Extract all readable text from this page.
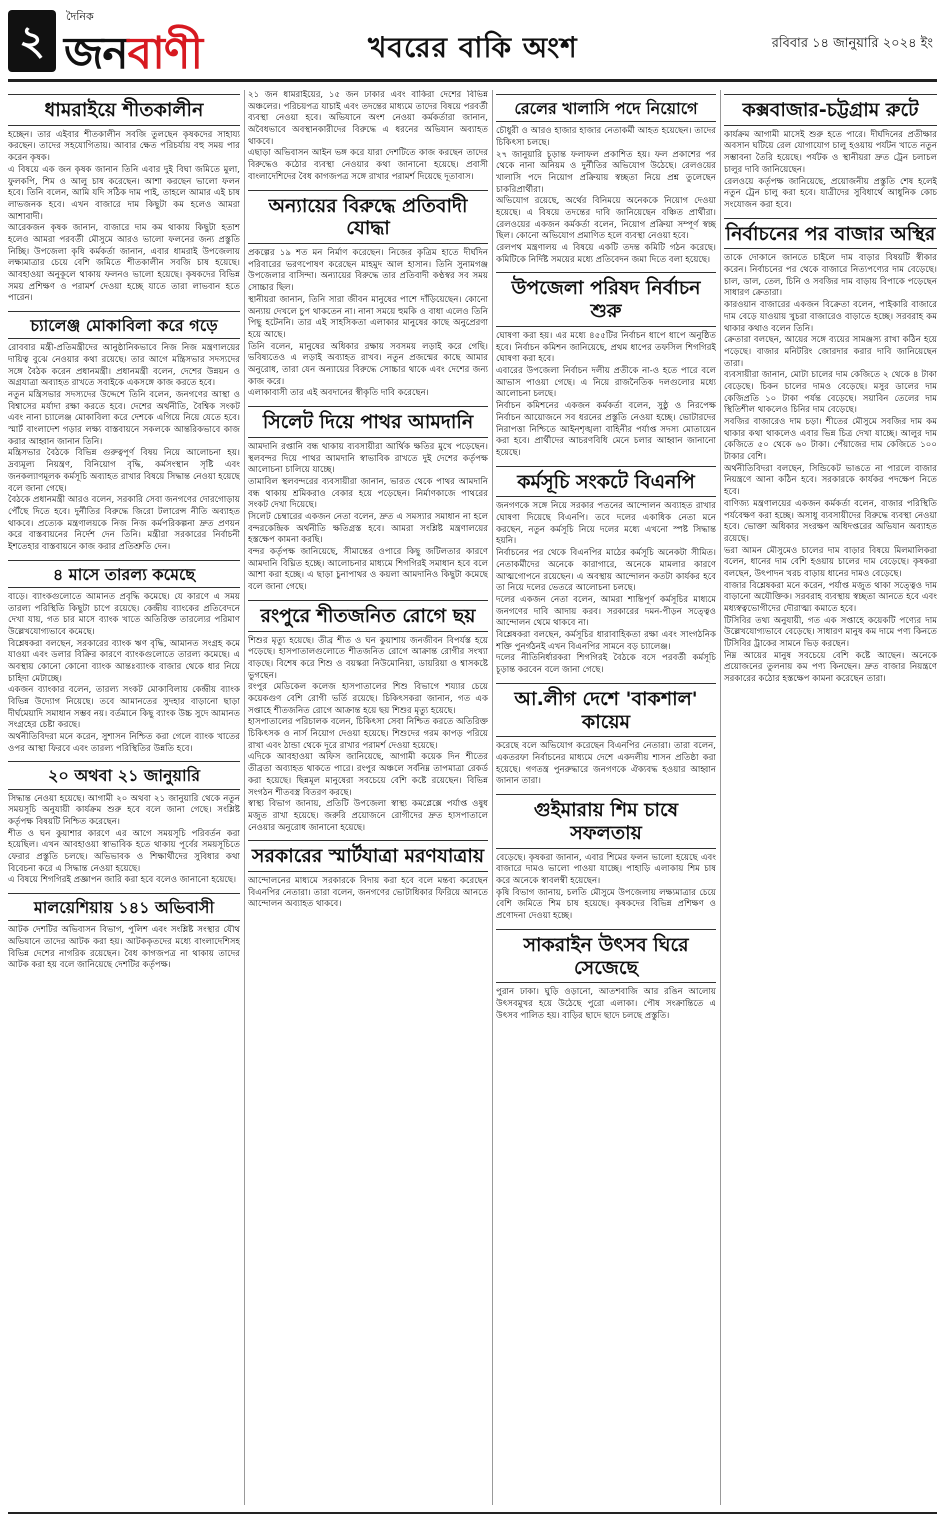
২
দৈনিক
জনবাণী	খবরের বাকি অংশ	রবিবার ১৪ জানুয়ারি ২০২৪ ইং
ধামরাইয়ে শীতকালীন
হচ্ছেন। তার এইবার শীতকালীন সবজি তুলছেন কৃষকদের সাহায্য করছেন। তাদের সহযোগিতায়। আবার ক্ষেত পরিচর্যায় বহু সময় পার করেন কৃষক।
এ বিষয়ে এক জন কৃষক জানান তিনি এবার দুই বিঘা জমিতে মুলা, ফুলকপি, শিম ও আলু চাষ করেছেন। আশা করছেন ভালো ফলন হবে। তিনি বলেন, আমি যদি সঠিক দাম পাই, তাহলে আমার এই চাষ লাভজনক হবে। এখন বাজারে দাম কিছুটা কম হলেও আমরা আশাবাদী।
আরেকজন কৃষক জানান, বাজারে দাম কম থাকায় কিছুটা হতাশ হলেও আমরা পরবর্তী মৌসুমে আরও ভালো ফলনের জন্য প্রস্তুতি নিচ্ছি। উপজেলা কৃষি কর্মকর্তা জানান, এবার ধামরাই উপজেলায় লক্ষ্যমাত্রার চেয়ে বেশি জমিতে শীতকালীন সবজি চাষ হয়েছে। আবহাওয়া অনুকূলে থাকায় ফলনও ভালো হয়েছে। কৃষকদের বিভিন্ন সময় প্রশিক্ষণ ও পরামর্শ দেওয়া হচ্ছে যাতে তারা লাভবান হতে পারেন।
চ্যালেঞ্জ মোকাবিলা করে গড়ে
রোববার মন্ত্রী-প্রতিমন্ত্রীদের আনুষ্ঠানিকভাবে নিজ নিজ মন্ত্রণালয়ের দায়িত্ব বুঝে নেওয়ার কথা রয়েছে। তার আগে মন্ত্রিসভার সদস্যদের সঙ্গে বৈঠক করেন প্রধানমন্ত্রী। প্রধানমন্ত্রী বলেন, দেশের উন্নয়ন ও অগ্রযাত্রা অব্যাহত রাখতে সবাইকে একসঙ্গে কাজ করতে হবে।
নতুন মন্ত্রিসভার সদস্যদের উদ্দেশে তিনি বলেন, জনগণের আস্থা ও বিশ্বাসের মর্যাদা রক্ষা করতে হবে। দেশের অর্থনীতি, বৈশ্বিক সংকট এবং নানা চ্যালেঞ্জ মোকাবিলা করে দেশকে এগিয়ে নিয়ে যেতে হবে। স্মার্ট বাংলাদেশ গড়ার লক্ষ্য বাস্তবায়নে সকলকে আন্তরিকভাবে কাজ করার আহ্বান জানান তিনি।
মন্ত্রিসভার বৈঠকে বিভিন্ন গুরুত্বপূর্ণ বিষয় নিয়ে আলোচনা হয়। দ্রব্যমূল্য নিয়ন্ত্রণ, বিনিয়োগ বৃদ্ধি, কর্মসংস্থান সৃষ্টি এবং জনকল্যাণমূলক কর্মসূচি অব্যাহত রাখার বিষয়ে সিদ্ধান্ত নেওয়া হয়েছে বলে জানা গেছে।
বৈঠকে প্রধানমন্ত্রী আরও বলেন, সরকারি সেবা জনগণের দোরগোড়ায় পৌঁছে দিতে হবে। দুর্নীতির বিরুদ্ধে জিরো টলারেন্স নীতি অব্যাহত থাকবে। প্রত্যেক মন্ত্রণালয়কে নিজ নিজ কর্মপরিকল্পনা দ্রুত প্রণয়ন করে বাস্তবায়নের নির্দেশ দেন তিনি। মন্ত্রীরা সরকারের নির্বাচনী ইশতেহার বাস্তবায়নে কাজ করার প্রতিশ্রুতি দেন।
৪ মাসে তারল্য কমেছে
বাড়ে। ব্যাংকগুলোতে আমানত প্রবৃদ্ধি কমেছে। যে কারণে এ সময় তারল্য পরিস্থিতি কিছুটা চাপে রয়েছে। কেন্দ্রীয় ব্যাংকের প্রতিবেদনে দেখা যায়, গত চার মাসে ব্যাংক খাতে অতিরিক্ত তারল্যের পরিমাণ উল্লেখযোগ্যভাবে কমেছে।
বিশ্লেষকরা বলছেন, সরকারের ব্যাংক ঋণ বৃদ্ধি, আমানত সংগ্রহ কমে যাওয়া এবং ডলার বিক্রির কারণে ব্যাংকগুলোতে তারল্য কমেছে। এ অবস্থায় কোনো কোনো ব্যাংক আন্তঃব্যাংক বাজার থেকে ধার নিয়ে চাহিদা মেটাচ্ছে।
একজন ব্যাংকার বলেন, তারল্য সংকট মোকাবিলায় কেন্দ্রীয় ব্যাংক বিভিন্ন উদ্যোগ নিয়েছে। তবে আমানতের সুদহার বাড়ানো ছাড়া দীর্ঘমেয়াদি সমাধান সম্ভব নয়। বর্তমানে কিছু ব্যাংক উচ্চ সুদে আমানত সংগ্রহের চেষ্টা করছে।
অর্থনীতিবিদরা মনে করেন, সুশাসন নিশ্চিত করা গেলে ব্যাংক খাতের ওপর আস্থা ফিরবে এবং তারল্য পরিস্থিতির উন্নতি হবে।
২০ অথবা ২১ জানুয়ারি
সিদ্ধান্ত নেওয়া হয়েছে। আগামী ২০ অথবা ২১ জানুয়ারি থেকে নতুন সময়সূচি অনুযায়ী কার্যক্রম শুরু হবে বলে জানা গেছে। সংশ্লিষ্ট কর্তৃপক্ষ বিষয়টি নিশ্চিত করেছেন।
শীত ও ঘন কুয়াশার কারণে এর আগে সময়সূচি পরিবর্তন করা হয়েছিল। এখন আবহাওয়া স্বাভাবিক হতে থাকায় পূর্বের সময়সূচিতে ফেরার প্রস্তুতি চলছে। অভিভাবক ও শিক্ষার্থীদের সুবিধার কথা বিবেচনা করে এ সিদ্ধান্ত নেওয়া হয়েছে।
এ বিষয়ে শিগগিরই প্রজ্ঞাপন জারি করা হবে বলেও জানানো হয়েছে।
মালয়েশিয়ায় ১৪১ অভিবাসী
আটক দেশটির অভিবাসন বিভাগ, পুলিশ এবং সংশ্লিষ্ট সংস্থার যৌথ অভিযানে তাদের আটক করা হয়। আটককৃতদের মধ্যে বাংলাদেশিসহ বিভিন্ন দেশের নাগরিক রয়েছেন। বৈধ কাগজপত্র না থাকায় তাদের আটক করা হয় বলে জানিয়েছে দেশটির কর্তৃপক্ষ।
২১ জন ধামরাইয়ের, ১৫ জন ঢাকার এবং বাকিরা দেশের বিভিন্ন অঞ্চলের। পরিচয়পত্র যাচাই এবং তদন্তের মাধ্যমে তাদের বিষয়ে পরবর্তী ব্যবস্থা নেওয়া হবে। অভিযানে অংশ নেওয়া কর্মকর্তারা জানান, অবৈধভাবে অবস্থানকারীদের বিরুদ্ধে এ ধরনের অভিযান অব্যাহত থাকবে।
এছাড়া অভিবাসন আইন ভঙ্গ করে যারা দেশটিতে কাজ করছেন তাদের বিরুদ্ধেও কঠোর ব্যবস্থা নেওয়ার কথা জানানো হয়েছে। প্রবাসী বাংলাদেশিদের বৈধ কাগজপত্র সঙ্গে রাখার পরামর্শ দিয়েছে দূতাবাস।
অন্যায়ের বিরুদ্ধে প্রতিবাদী যোদ্ধা
প্রকল্পের ১৯ শত মন নির্মাণ করেছেন। নিজের কৃত্রিম হাতে দীর্ঘদিন পরিবারের ভরণপোষণ করেছেন মাহমুদ আল হাসান। তিনি সুনামগঞ্জ উপজেলার বাসিন্দা। অন্যায়ের বিরুদ্ধে তার প্রতিবাদী কণ্ঠস্বর সব সময় সোচ্চার ছিল।
স্থানীয়রা জানান, তিনি সারা জীবন মানুষের পাশে দাঁড়িয়েছেন। কোনো অন্যায় দেখলে চুপ থাকতেন না। নানা সময়ে হুমকি ও বাধা এলেও তিনি পিছু হটেননি। তার এই সাহসিকতা এলাকার মানুষের কাছে অনুপ্রেরণা হয়ে আছে।
তিনি বলেন, মানুষের অধিকার রক্ষায় সবসময় লড়াই করে গেছি। ভবিষ্যতেও এ লড়াই অব্যাহত রাখব। নতুন প্রজন্মের কাছে আমার অনুরোধ, তারা যেন অন্যায়ের বিরুদ্ধে সোচ্চার থাকে এবং দেশের জন্য কাজ করে।
এলাকাবাসী তার এই অবদানের স্বীকৃতি দাবি করেছেন।
সিলেট দিয়ে পাথর আমদানি
আমদানি রপ্তানি বন্ধ থাকায় ব্যবসায়ীরা আর্থিক ক্ষতির মুখে পড়েছেন। স্থলবন্দর দিয়ে পাথর আমদানি স্বাভাবিক রাখতে দুই দেশের কর্তৃপক্ষ আলোচনা চালিয়ে যাচ্ছে।
তামাবিল স্থলবন্দরের ব্যবসায়ীরা জানান, ভারত থেকে পাথর আমদানি বন্ধ থাকায় শ্রমিকরাও বেকার হয়ে পড়েছেন। নির্মাণকাজে পাথরের সংকট দেখা দিয়েছে।
সিলেট চেম্বারের একজন নেতা বলেন, দ্রুত এ সমস্যার সমাধান না হলে বন্দরকেন্দ্রিক অর্থনীতি ক্ষতিগ্রস্ত হবে। আমরা সংশ্লিষ্ট মন্ত্রণালয়ের হস্তক্ষেপ কামনা করছি।
বন্দর কর্তৃপক্ষ জানিয়েছে, সীমান্তের ওপারে কিছু জটিলতার কারণে আমদানি বিঘ্নিত হচ্ছে। আলোচনার মাধ্যমে শিগগিরই সমাধান হবে বলে আশা করা হচ্ছে। এ ছাড়া চুনাপাথর ও কয়লা আমদানিও কিছুটা কমেছে বলে জানা গেছে।
রংপুরে শীতজনিত রোগে ছয়
শিশুর মৃত্যু হয়েছে। তীব্র শীত ও ঘন কুয়াশায় জনজীবন বিপর্যস্ত হয়ে পড়েছে। হাসপাতালগুলোতে শীতজনিত রোগে আক্রান্ত রোগীর সংখ্যা বাড়ছে। বিশেষ করে শিশু ও বয়স্করা নিউমোনিয়া, ডায়রিয়া ও শ্বাসকষ্টে ভুগছেন।
রংপুর মেডিকেল কলেজ হাসপাতালের শিশু বিভাগে শয্যার চেয়ে কয়েকগুণ বেশি রোগী ভর্তি রয়েছে। চিকিৎসকরা জানান, গত এক সপ্তাহে শীতজনিত রোগে আক্রান্ত হয়ে ছয় শিশুর মৃত্যু হয়েছে।
হাসপাতালের পরিচালক বলেন, চিকিৎসা সেবা নিশ্চিত করতে অতিরিক্ত চিকিৎসক ও নার্স নিয়োগ দেওয়া হয়েছে। শিশুদের গরম কাপড় পরিয়ে রাখা এবং ঠান্ডা থেকে দূরে রাখার পরামর্শ দেওয়া হয়েছে।
এদিকে আবহাওয়া অফিস জানিয়েছে, আগামী কয়েক দিন শীতের তীব্রতা অব্যাহত থাকতে পারে। রংপুর অঞ্চলে সর্বনিম্ন তাপমাত্রা রেকর্ড করা হয়েছে। ছিন্নমূল মানুষেরা সবচেয়ে বেশি কষ্টে রয়েছেন। বিভিন্ন সংগঠন শীতবস্ত্র বিতরণ করছে।
স্বাস্থ্য বিভাগ জানায়, প্রতিটি উপজেলা স্বাস্থ্য কমপ্লেক্সে পর্যাপ্ত ওষুধ মজুত রাখা হয়েছে। জরুরি প্রয়োজনে রোগীদের দ্রুত হাসপাতালে নেওয়ার অনুরোধ জানানো হয়েছে।
সরকারের স্মার্টযাত্রা মরণযাত্রায়
আন্দোলনের মাধ্যমে সরকারকে বিদায় করা হবে বলে মন্তব্য করেছেন বিএনপির নেতারা। তারা বলেন, জনগণের ভোটাধিকার ফিরিয়ে আনতে আন্দোলন অব্যাহত থাকবে।
রেলের খালাসি পদে নিয়োগে
চৌধুরী ও আরও হাজার হাজার নেতাকর্মী আহত হয়েছেন। তাদের চিকিৎসা চলছে।
২৭ জানুয়ারি চূড়ান্ত ফলাফল প্রকাশিত হয়। ফল প্রকাশের পর থেকে নানা অনিয়ম ও দুর্নীতির অভিযোগ উঠেছে। রেলওয়ের খালাসি পদে নিয়োগ প্রক্রিয়ায় স্বচ্ছতা নিয়ে প্রশ্ন তুলেছেন চাকরিপ্রার্থীরা।
অভিযোগ রয়েছে, অর্থের বিনিময়ে অনেককে নিয়োগ দেওয়া হয়েছে। এ বিষয়ে তদন্তের দাবি জানিয়েছেন বঞ্চিত প্রার্থীরা। রেলওয়ের একজন কর্মকর্তা বলেন, নিয়োগ প্রক্রিয়া সম্পূর্ণ স্বচ্ছ ছিল। কোনো অভিযোগ প্রমাণিত হলে ব্যবস্থা নেওয়া হবে।
রেলপথ মন্ত্রণালয় এ বিষয়ে একটি তদন্ত কমিটি গঠন করেছে। কমিটিকে নির্দিষ্ট সময়ের মধ্যে প্রতিবেদন জমা দিতে বলা হয়েছে।
উপজেলা পরিষদ নির্বাচন শুরু
ঘোষণা করা হয়। এর মধ্যে ৪৫৫টির নির্বাচন ধাপে ধাপে অনুষ্ঠিত হবে। নির্বাচন কমিশন জানিয়েছে, প্রথম ধাপের তফসিল শিগগিরই ঘোষণা করা হবে।
এবারের উপজেলা নির্বাচন দলীয় প্রতীকে না-ও হতে পারে বলে আভাস পাওয়া গেছে। এ নিয়ে রাজনৈতিক দলগুলোর মধ্যে আলোচনা চলছে।
নির্বাচন কমিশনের একজন কর্মকর্তা বলেন, সুষ্ঠু ও নিরপেক্ষ নির্বাচন আয়োজনে সব ধরনের প্রস্তুতি নেওয়া হচ্ছে। ভোটারদের নিরাপত্তা নিশ্চিতে আইনশৃঙ্খলা বাহিনীর পর্যাপ্ত সদস্য মোতায়েন করা হবে। প্রার্থীদের আচরণবিধি মেনে চলার আহ্বান জানানো হয়েছে।
কর্মসূচি সংকটে বিএনপি
জনগণকে সঙ্গে নিয়ে সরকার পতনের আন্দোলন অব্যাহত রাখার ঘোষণা দিয়েছে বিএনপি। তবে দলের একাধিক নেতা মনে করছেন, নতুন কর্মসূচি নিয়ে দলের মধ্যে এখনো স্পষ্ট সিদ্ধান্ত হয়নি।
নির্বাচনের পর থেকে বিএনপির মাঠের কর্মসূচি অনেকটা সীমিত। নেতাকর্মীদের অনেকে কারাগারে, অনেকে মামলার কারণে আত্মগোপনে রয়েছেন। এ অবস্থায় আন্দোলন কতটা কার্যকর হবে তা নিয়ে দলের ভেতরে আলোচনা চলছে।
দলের একজন নেতা বলেন, আমরা শান্তিপূর্ণ কর্মসূচির মাধ্যমে জনগণের দাবি আদায় করব। সরকারের দমন-পীড়ন সত্ত্বেও আন্দোলন থেমে থাকবে না।
বিশ্লেষকরা বলছেন, কর্মসূচির ধারাবাহিকতা রক্ষা এবং সাংগঠনিক শক্তি পুনর্গঠনই এখন বিএনপির সামনে বড় চ্যালেঞ্জ।
দলের নীতিনির্ধারকরা শিগগিরই বৈঠকে বসে পরবর্তী কর্মসূচি চূড়ান্ত করবেন বলে জানা গেছে।
আ.লীগ দেশে 'বাকশাল' কায়েম
করেছে বলে অভিযোগ করেছেন বিএনপির নেতারা। তারা বলেন, একতরফা নির্বাচনের মাধ্যমে দেশে একদলীয় শাসন প্রতিষ্ঠা করা হয়েছে। গণতন্ত্র পুনরুদ্ধারে জনগণকে ঐক্যবদ্ধ হওয়ার আহ্বান জানান তারা।
গুইমারায় শিম চাষে সফলতায়
বেড়েছে। কৃষকরা জানান, এবার শিমের ফলন ভালো হয়েছে এবং বাজারে দামও ভালো পাওয়া যাচ্ছে। পাহাড়ি এলাকায় শিম চাষ করে অনেকে স্বাবলম্বী হয়েছেন।
কৃষি বিভাগ জানায়, চলতি মৌসুমে উপজেলায় লক্ষ্যমাত্রার চেয়ে বেশি জমিতে শিম চাষ হয়েছে। কৃষকদের বিভিন্ন প্রশিক্ষণ ও প্রণোদনা দেওয়া হচ্ছে।
সাকরাইন উৎসব ঘিরে সেজেছে
পুরান ঢাকা। ঘুড়ি ওড়ানো, আতশবাজি আর রঙিন আলোয় উৎসবমুখর হয়ে উঠেছে পুরো এলাকা। পৌষ সংক্রান্তিতে এ উৎসব পালিত হয়। বাড়ির ছাদে ছাদে চলছে প্রস্তুতি।
কক্সবাজার-চট্টগ্রাম রুটে
কার্যক্রম আগামী মাসেই শুরু হতে পারে। দীর্ঘদিনের প্রতীক্ষার অবসান ঘটিয়ে রেল যোগাযোগ চালু হওয়ায় পর্যটন খাতে নতুন সম্ভাবনা তৈরি হয়েছে। পর্যটক ও স্থানীয়রা দ্রুত ট্রেন চলাচল চালুর দাবি জানিয়েছেন।
রেলওয়ে কর্তৃপক্ষ জানিয়েছে, প্রয়োজনীয় প্রস্তুতি শেষ হলেই নতুন ট্রেন চালু করা হবে। যাত্রীদের সুবিধার্থে আধুনিক কোচ সংযোজন করা হবে।
নির্বাচনের পর বাজার অস্থির
তাকে দোকানে জানতে চাইলে দাম বাড়ার বিষয়টি স্বীকার করেন। নির্বাচনের পর থেকে বাজারে নিত্যপণ্যের দাম বেড়েছে। চাল, ডাল, তেল, চিনি ও সবজির দাম বাড়ায় বিপাকে পড়েছেন সাধারণ ক্রেতারা।
কারওয়ান বাজারের একজন বিক্রেতা বলেন, পাইকারি বাজারে দাম বেড়ে যাওয়ায় খুচরা বাজারেও বাড়াতে হচ্ছে। সরবরাহ কম থাকার কথাও বলেন তিনি।
ক্রেতারা বলছেন, আয়ের সঙ্গে ব্যয়ের সামঞ্জস্য রাখা কঠিন হয়ে পড়েছে। বাজার মনিটরিং জোরদার করার দাবি জানিয়েছেন তারা।
ব্যবসায়ীরা জানান, মোটা চালের দাম কেজিতে ২ থেকে ৪ টাকা বেড়েছে। চিকন চালের দামও বেড়েছে। মসুর ডালের দাম কেজিপ্রতি ১০ টাকা পর্যন্ত বেড়েছে। সয়াবিন তেলের দাম স্থিতিশীল থাকলেও চিনির দাম বেড়েছে।
সবজির বাজারেও দাম চড়া। শীতের মৌসুমে সবজির দাম কম থাকার কথা থাকলেও এবার ভিন্ন চিত্র দেখা যাচ্ছে। আলুর দাম কেজিতে ৫০ থেকে ৬০ টাকা। পেঁয়াজের দাম কেজিতে ১০০ টাকার বেশি।
অর্থনীতিবিদরা বলছেন, সিন্ডিকেট ভাঙতে না পারলে বাজার নিয়ন্ত্রণে আনা কঠিন হবে। সরকারকে কার্যকর পদক্ষেপ নিতে হবে।
বাণিজ্য মন্ত্রণালয়ের একজন কর্মকর্তা বলেন, বাজার পরিস্থিতি পর্যবেক্ষণ করা হচ্ছে। অসাধু ব্যবসায়ীদের বিরুদ্ধে ব্যবস্থা নেওয়া হবে। ভোক্তা অধিকার সংরক্ষণ অধিদপ্তরের অভিযান অব্যাহত রয়েছে।
ভরা আমন মৌসুমেও চালের দাম বাড়ার বিষয়ে মিলমালিকরা বলেন, ধানের দাম বেশি হওয়ায় চালের দাম বেড়েছে। কৃষকরা বলছেন, উৎপাদন খরচ বাড়ায় ধানের দামও বেড়েছে।
বাজার বিশ্লেষকরা মনে করেন, পর্যাপ্ত মজুত থাকা সত্ত্বেও দাম বাড়ানো অযৌক্তিক। সরবরাহ ব্যবস্থায় স্বচ্ছতা আনতে হবে এবং মধ্যস্বত্বভোগীদের দৌরাত্ম্য কমাতে হবে।
টিসিবির তথ্য অনুযায়ী, গত এক সপ্তাহে কয়েকটি পণ্যের দাম উল্লেখযোগ্যভাবে বেড়েছে। সাধারণ মানুষ কম দামে পণ্য কিনতে টিসিবির ট্রাকের সামনে ভিড় করছেন।
নিম্ন আয়ের মানুষ সবচেয়ে বেশি কষ্টে আছেন। অনেকে প্রয়োজনের তুলনায় কম পণ্য কিনছেন। দ্রুত বাজার নিয়ন্ত্রণে সরকারের কঠোর হস্তক্ষেপ কামনা করেছেন তারা।
